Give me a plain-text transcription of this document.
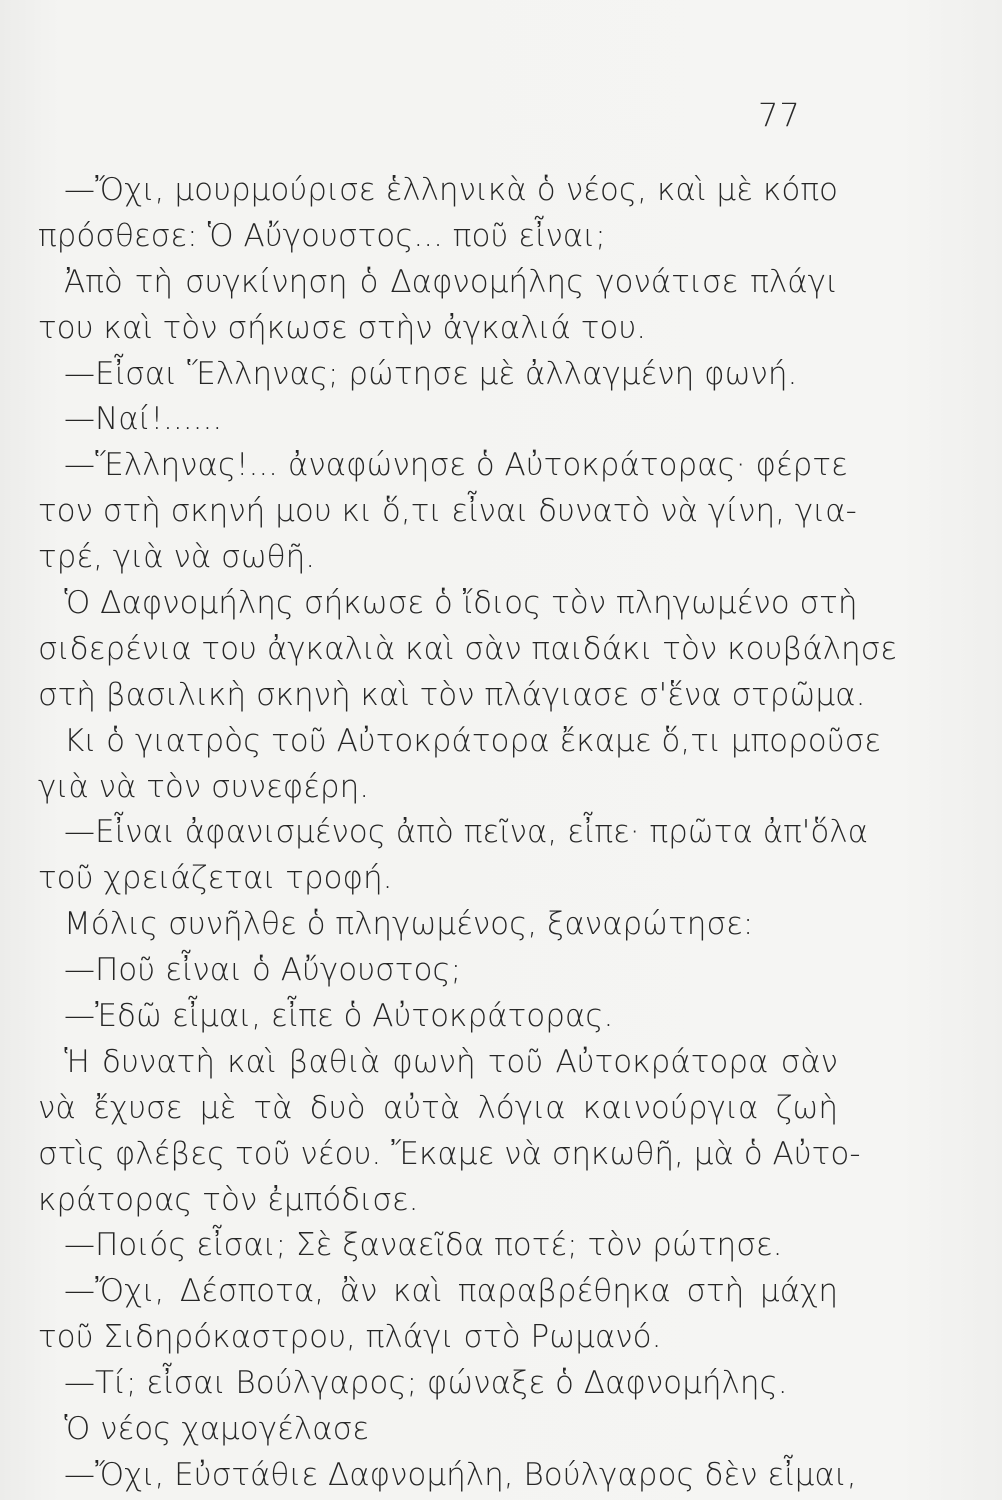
77
—Ὄχι, μουρμούρισε ἑλληνικὰ ὁ νέος, καὶ μὲ κόπο
πρόσθεσε: Ὁ Αὔγουστος... ποῦ εἶναι;
Ἀπὸ τὴ συγκίνηση ὁ Δαφνομήλης γονάτισε πλάγι
του καὶ τὸν σήκωσε στὴν ἀγκαλιά του.
—Εἶσαι Ἕλληνας; ρώτησε μὲ ἀλλαγμένη φωνή.
—Ναί!......
—Ἕλληνας!... ἀναφώνησε ὁ Αὐτοκράτορας· φέρτε
τον στὴ σκηνή μου κι ὅ,τι εἶναι δυνατὸ νὰ γίνη, για-
τρέ, γιὰ νὰ σωθῆ.
Ὁ Δαφνομήλης σήκωσε ὁ ἴδιος τὸν πληγωμένο στὴ
σιδερένια του ἀγκαλιὰ καὶ σὰν παιδάκι τὸν κουβάλησε
στὴ βασιλικὴ σκηνὴ καὶ τὸν πλάγιασε σ'ἕνα στρῶμα.
Κι ὁ γιατρὸς τοῦ Αὐτοκράτορα ἔκαμε ὅ,τι μποροῦσε
γιὰ νὰ τὸν συνεφέρη.
—Εἶναι ἀφανισμένος ἀπὸ πεῖνα, εἶπε· πρῶτα ἀπ'ὅλα
τοῦ χρειάζεται τροφή.
Μόλις συνῆλθε ὁ πληγωμένος, ξαναρώτησε:
—Ποῦ εἶναι ὁ Αὔγουστος;
—Ἐδῶ εἶμαι, εἶπε ὁ Αὐτοκράτορας.
Ἡ δυνατὴ καὶ βαθιὰ φωνὴ τοῦ Αὐτοκράτορα σὰν
νὰ ἔχυσε μὲ τὰ δυὸ αὐτὰ λόγια καινούργια ζωὴ
στὶς φλέβες τοῦ νέου. Ἔκαμε νὰ σηκωθῆ, μὰ ὁ Αὐτο-
κράτορας τὸν ἐμπόδισε.
—Ποιός εἶσαι; Σὲ ξαναεῖδα ποτέ; τὸν ρώτησε.
—Ὄχι, Δέσποτα, ἂν καὶ παραβρέθηκα στὴ μάχη
τοῦ Σιδηρόκαστρου, πλάγι στὸ Ρωμανό.
—Τί; εἶσαι Βούλγαρος; φώναξε ὁ Δαφνομήλης.
Ὁ νέος χαμογέλασε
—Ὄχι, Εὐστάθιε Δαφνομήλη, Βούλγαρος δὲν εἶμαι,
